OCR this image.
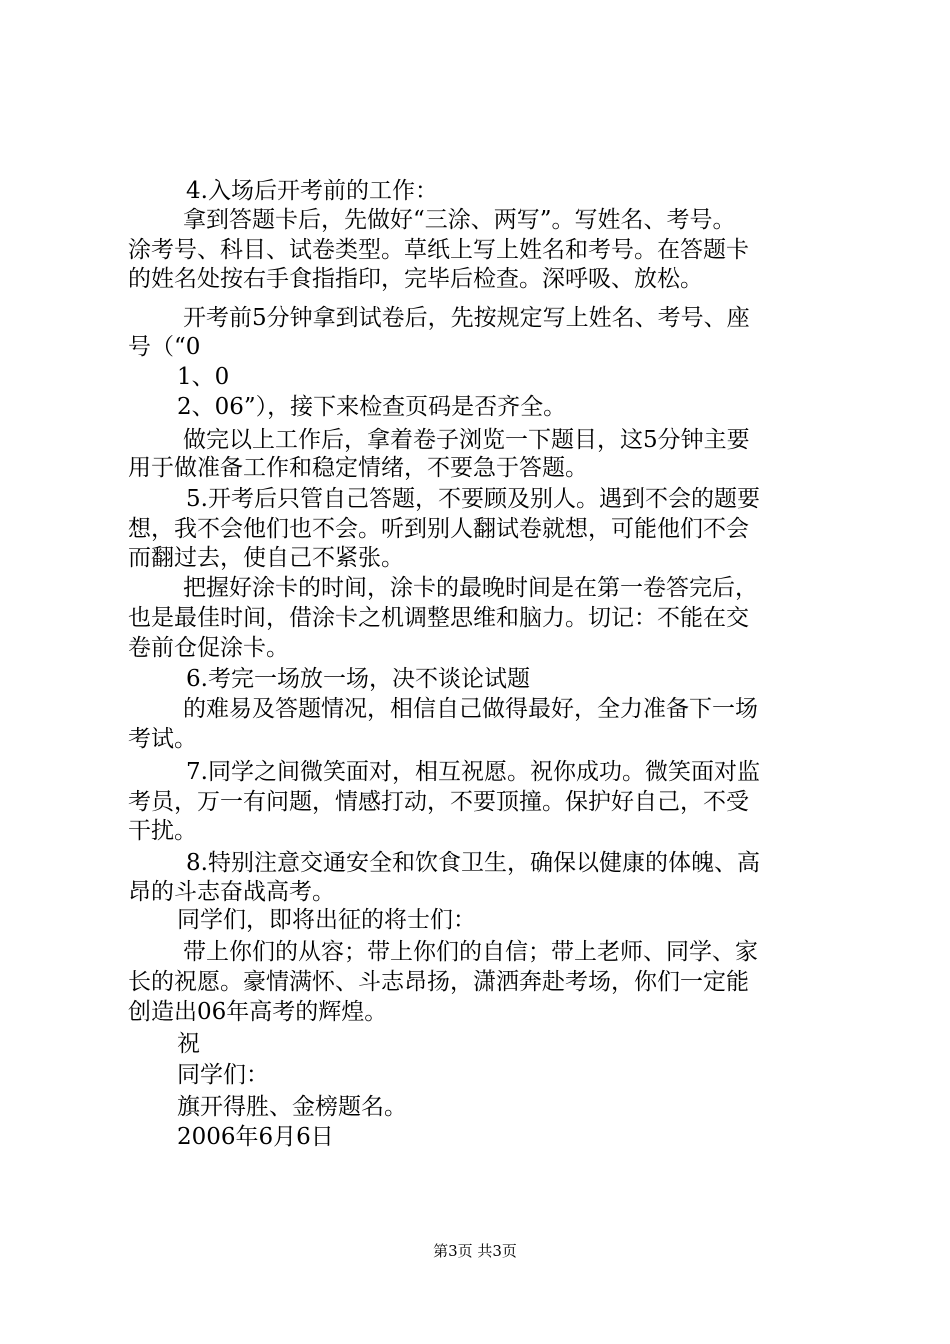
4.入场后开考前的工作：
拿到答题卡后，先做好“三涂、两写”。写姓名、考号。
涂考号、科目、试卷类型。草纸上写上姓名和考号。在答题卡
的姓名处按右手食指指印，完毕后检查。深呼吸、放松。
开考前5分钟拿到试卷后，先按规定写上姓名、考号、座
号（“0
1、0
2、06”），接下来检查页码是否齐全。
做完以上工作后，拿着卷子浏览一下题目，这5分钟主要
用于做准备工作和稳定情绪，不要急于答题。
5.开考后只管自己答题，不要顾及别人。遇到不会的题要
想，我不会他们也不会。听到别人翻试卷就想，可能他们不会
而翻过去，使自己不紧张。
把握好涂卡的时间，涂卡的最晚时间是在第一卷答完后，
也是最佳时间，借涂卡之机调整思维和脑力。切记：不能在交
卷前仓促涂卡。
6.考完一场放一场，决不谈论试题
的难易及答题情况，相信自己做得最好，全力准备下一场
考试。
7.同学之间微笑面对，相互祝愿。祝你成功。微笑面对监
考员，万一有问题，情感打动，不要顶撞。保护好自己，不受
干扰。
8.特别注意交通安全和饮食卫生，确保以健康的体魄、高
昂的斗志奋战高考。
同学们，即将出征的将士们：
带上你们的从容；带上你们的自信；带上老师、同学、家
长的祝愿。豪情满怀、斗志昂扬，潇洒奔赴考场，你们一定能
创造出06年高考的辉煌。
祝
同学们：
旗开得胜、金榜题名。
2006年6月6日
第3页 共3页
